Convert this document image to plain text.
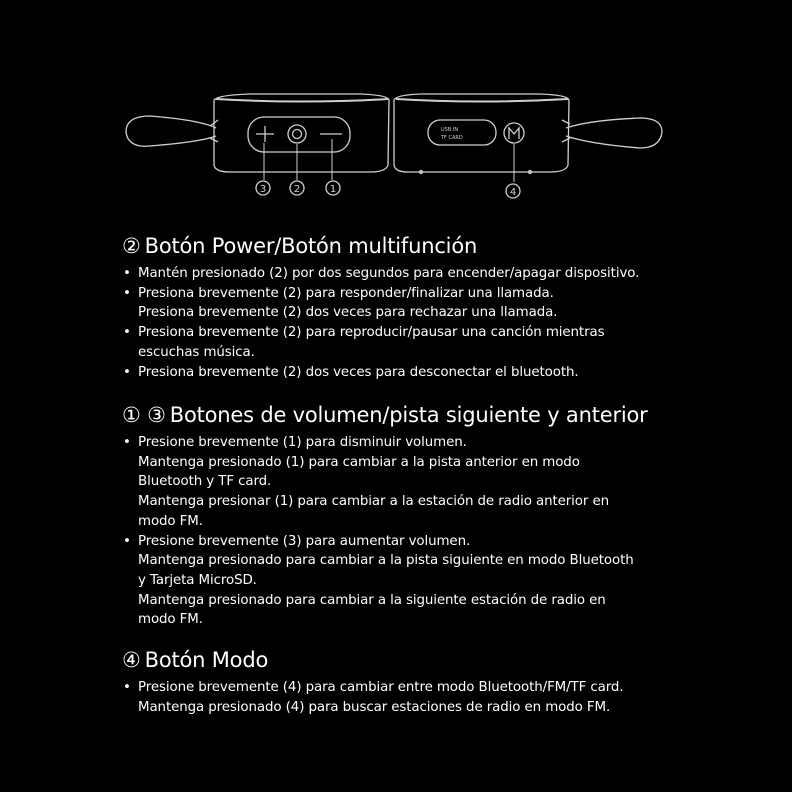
USB IN
TF CARD
3	2	1	4
② Botón Power/Botón multifunción
• Mantén presionado (2) por dos segundos para encender/apagar dispositivo.
• Presiona brevemente (2) para responder/finalizar una llamada.
Presiona brevemente (2) dos veces para rechazar una llamada.
• Presiona brevemente (2) para reproducir/pausar una canción mientras
escuchas música.
• Presiona brevemente (2) dos veces para desconectar el bluetooth.
① ③ Botones de volumen/pista siguiente y anterior
• Presione brevemente (1) para disminuir volumen.
Mantenga presionado (1) para cambiar a la pista anterior en modo
Bluetooth y TF card.
Mantenga presionar (1) para cambiar a la estación de radio anterior en
modo FM.
• Presione brevemente (3) para aumentar volumen.
Mantenga presionado para cambiar a la pista siguiente en modo Bluetooth
y Tarjeta MicroSD.
Mantenga presionado para cambiar a la siguiente estación de radio en
modo FM.
④ Botón Modo
• Presione brevemente (4) para cambiar entre modo Bluetooth/FM/TF card.
Mantenga presionado (4) para buscar estaciones de radio en modo FM.
